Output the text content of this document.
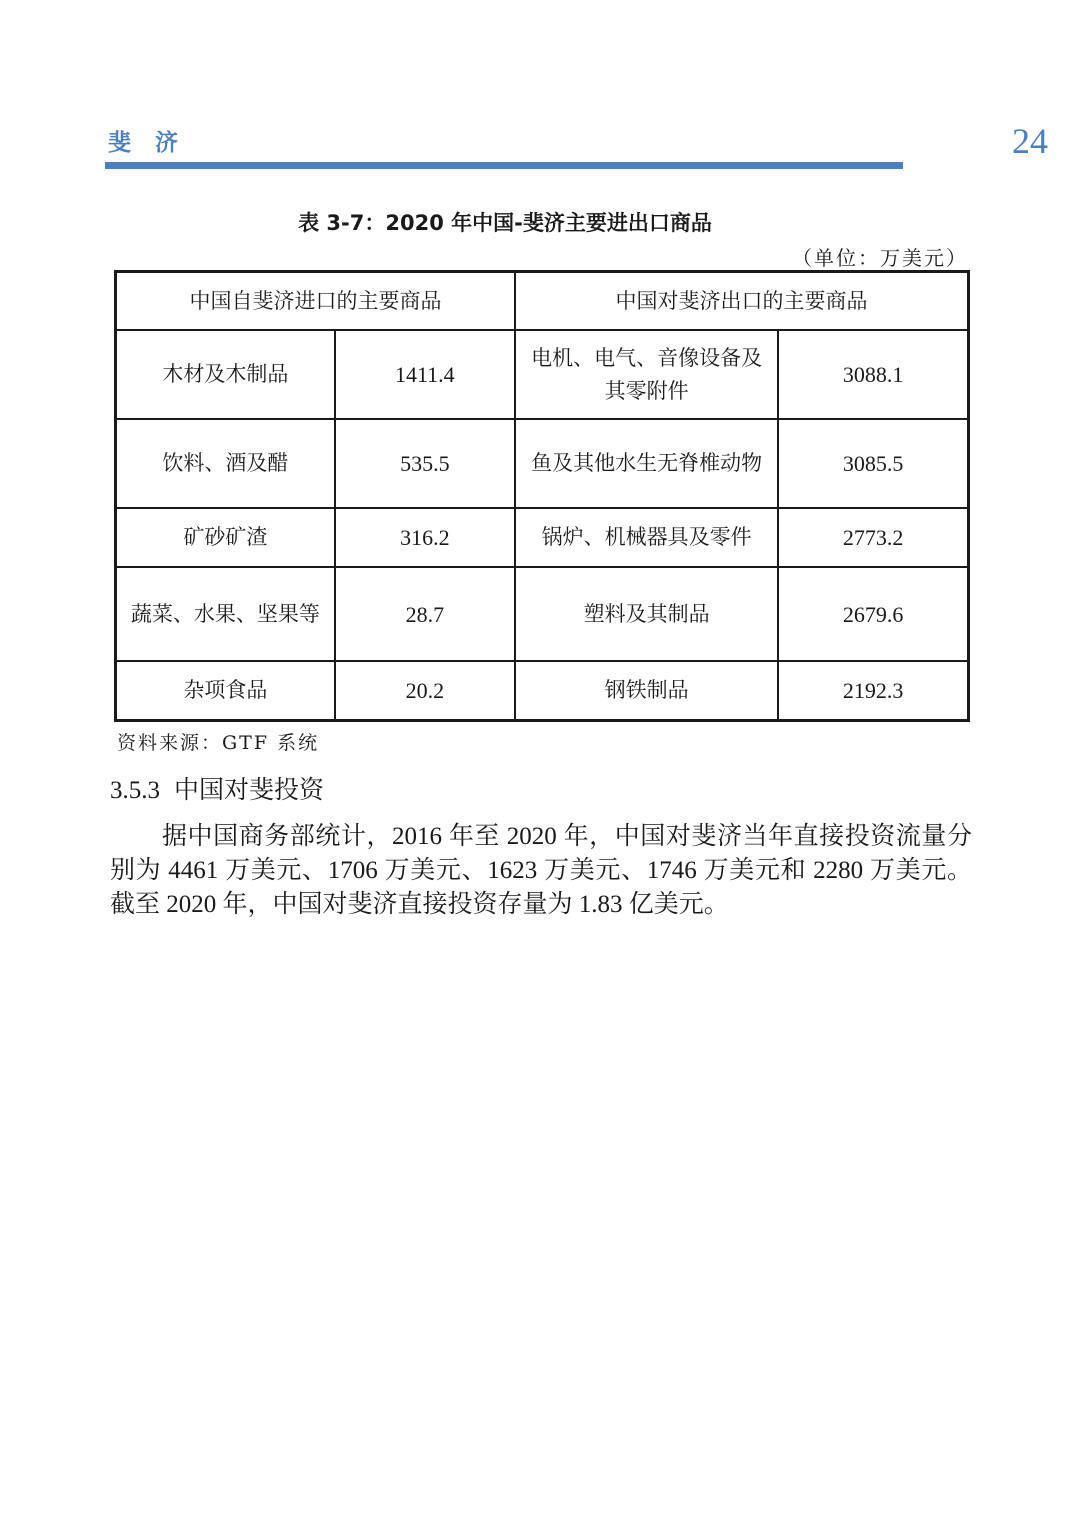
斐 济	24
表 3-7：2020 年中国-斐济主要进出口商品
（单位：万美元）
中国自斐济进口的主要商品		中国对斐济出口的主要商品	
木材及木制品	1411.4	电机、电气、音像设备及其零附件	3088.1
饮料、酒及醋	535.5	鱼及其他水生无脊椎动物	3085.5
矿砂矿渣	316.2	锅炉、机械器具及零件	2773.2
蔬菜、水果、坚果等	28.7	塑料及其制品	2679.6
杂项食品	20.2	钢铁制品	2192.3
资料来源：GTF 系统
3.5.3 中国对斐投资

据中国商务部统计，2016 年至 2020 年，中国对斐济当年直接投资流量分别为 4461 万美元、1706 万美元、1623 万美元、1746 万美元和 2280 万美元。截至 2020 年，中国对斐济直接投资存量为 1.83 亿美元。
